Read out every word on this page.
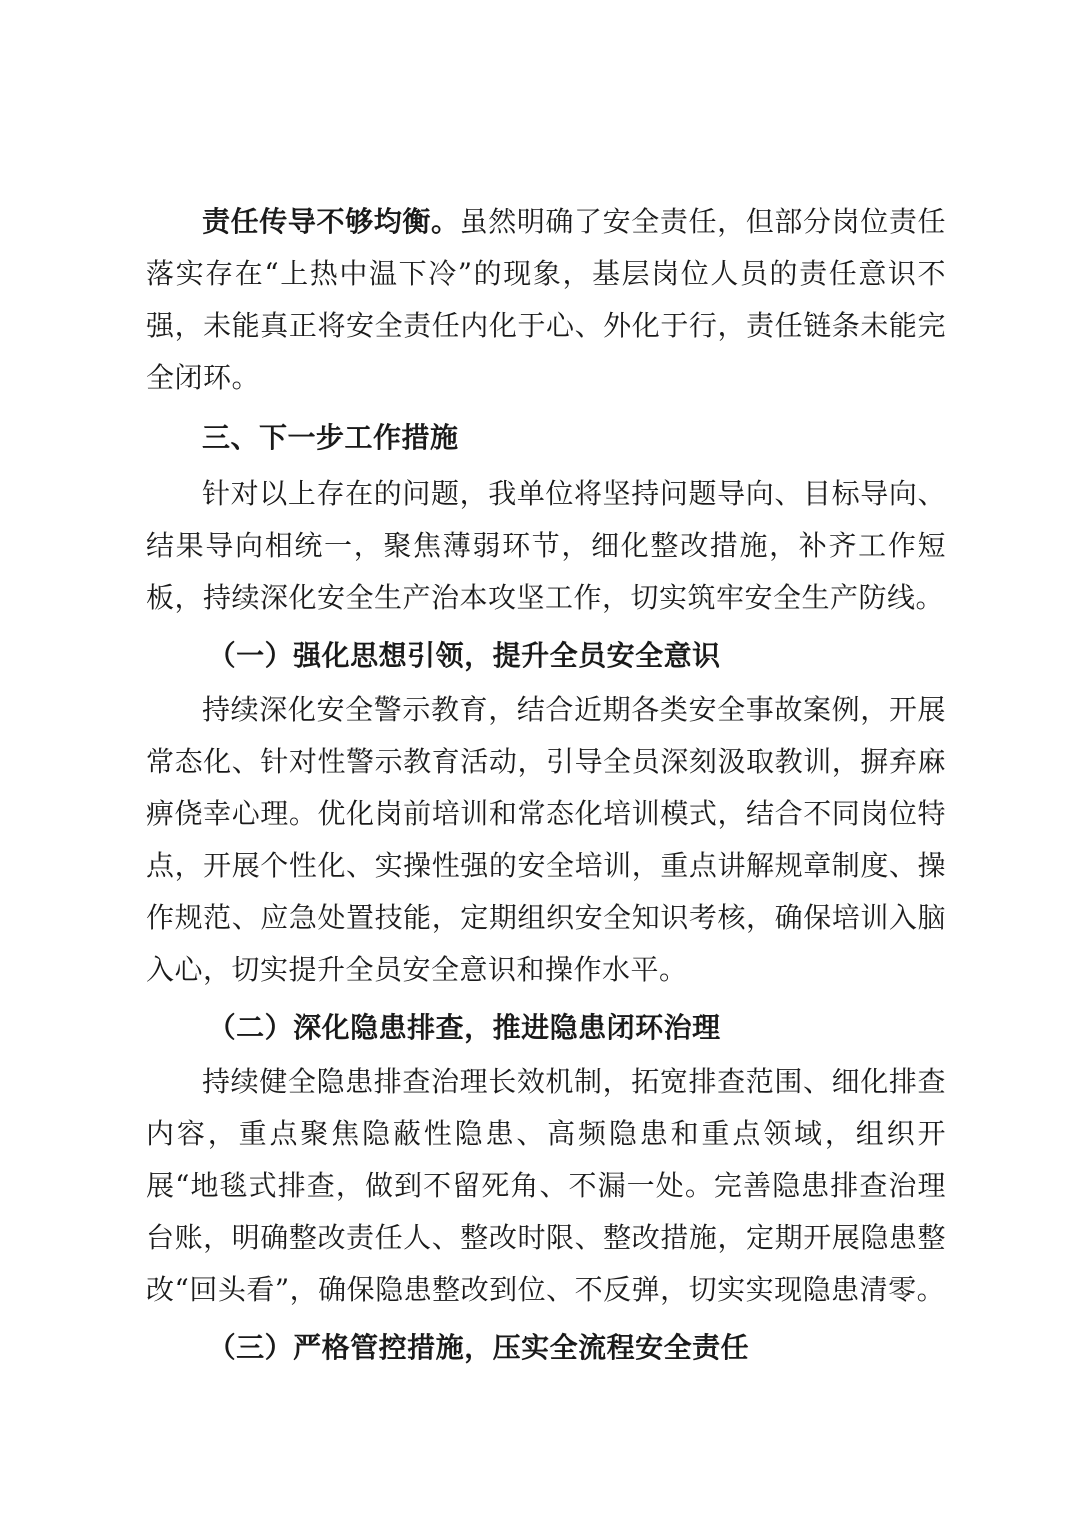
责任传导不够均衡。虽然明确了安全责任，但部分岗位责任落实存在“上热中温下冷”的现象，基层岗位人员的责任意识不强，未能真正将安全责任内化于心、外化于行，责任链条未能完全闭环。

三、下一步工作措施

针对以上存在的问题，我单位将坚持问题导向、目标导向、结果导向相统一，聚焦薄弱环节，细化整改措施，补齐工作短板，持续深化安全生产治本攻坚工作，切实筑牢安全生产防线。

（一）强化思想引领，提升全员安全意识

持续深化安全警示教育，结合近期各类安全事故案例，开展常态化、针对性警示教育活动，引导全员深刻汲取教训，摒弃麻痹侥幸心理。优化岗前培训和常态化培训模式，结合不同岗位特点，开展个性化、实操性强的安全培训，重点讲解规章制度、操作规范、应急处置技能，定期组织安全知识考核，确保培训入脑入心，切实提升全员安全意识和操作水平。

（二）深化隐患排查，推进隐患闭环治理

持续健全隐患排查治理长效机制，拓宽排查范围、细化排查内容，重点聚焦隐蔽性隐患、高频隐患和重点领域，组织开展“地毯式排查，做到不留死角、不漏一处。完善隐患排查治理台账，明确整改责任人、整改时限、整改措施，定期开展隐患整改“回头看”，确保隐患整改到位、不反弹，切实实现隐患清零。

（三）严格管控措施，压实全流程安全责任
